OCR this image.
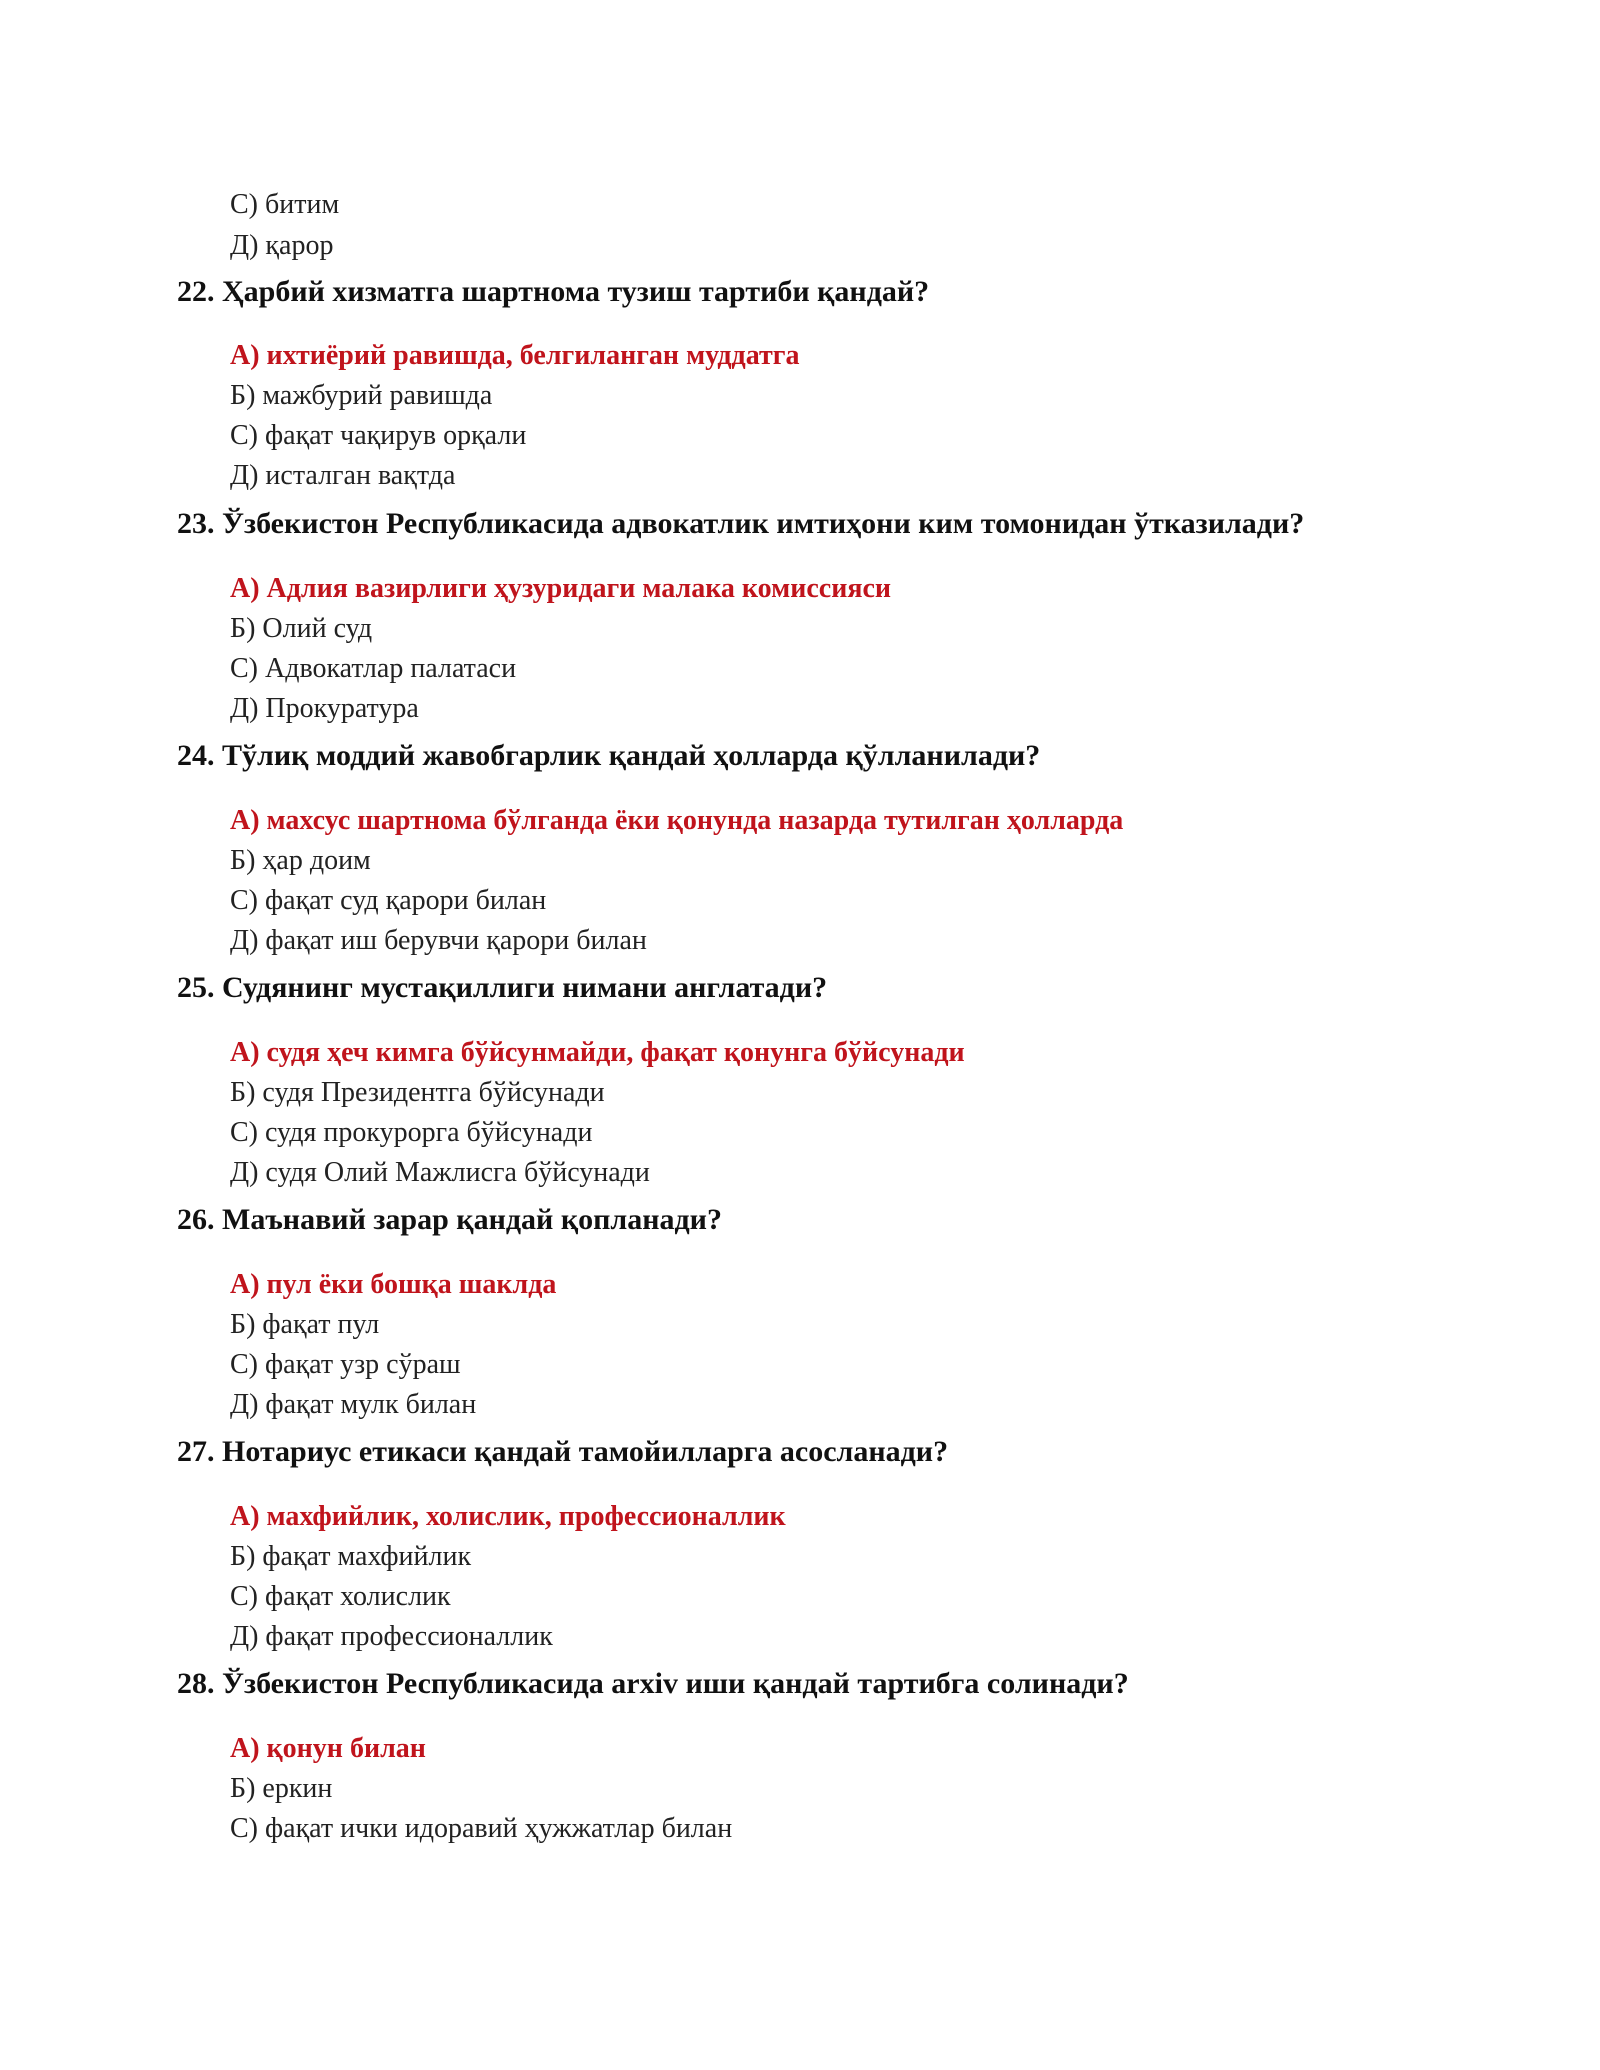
С) битим
Д) қарор
22. Ҳарбий хизматга шартнома тузиш тартиби қандай?
А) ихтиёрий равишда, белгиланган муддатга
Б) мажбурий равишда
С) фақат чақирув орқали
Д) исталган вақтда
23. Ўзбекистон Республикасида адвокатлик имтиҳони ким томонидан ўтказилади?
А) Адлия вазирлиги ҳузуридаги малака комиссияси
Б) Олий суд
С) Адвокатлар палатаси
Д) Прокуратура
24. Тўлиқ моддий жавобгарлик қандай ҳолларда қўлланилади?
А) махсус шартнома бўлганда ёки қонунда назарда тутилган ҳолларда
Б) ҳар доим
С) фақат суд қарори билан
Д) фақат иш берувчи қарори билан
25. Судянинг мустақиллиги нимани англатади?
А) судя ҳеч кимга бўйсунмайди, фақат қонунга бўйсунади
Б) судя Президентга бўйсунади
С) судя прокурорга бўйсунади
Д) судя Олий Мажлисга бўйсунади
26. Маънавий зарар қандай қопланади?
А) пул ёки бошқа шаклда
Б) фақат пул
С) фақат узр сўраш
Д) фақат мулк билан
27. Нотариус етикаси қандай тамойилларга асосланади?
А) махфийлик, холислик, профессионаллик
Б) фақат махфийлик
С) фақат холислик
Д) фақат профессионаллик
28. Ўзбекистон Республикасида arxiv иши қандай тартибга солинади?
А) қонун билан
Б) еркин
С) фақат ички идоравий ҳужжатлар билан
